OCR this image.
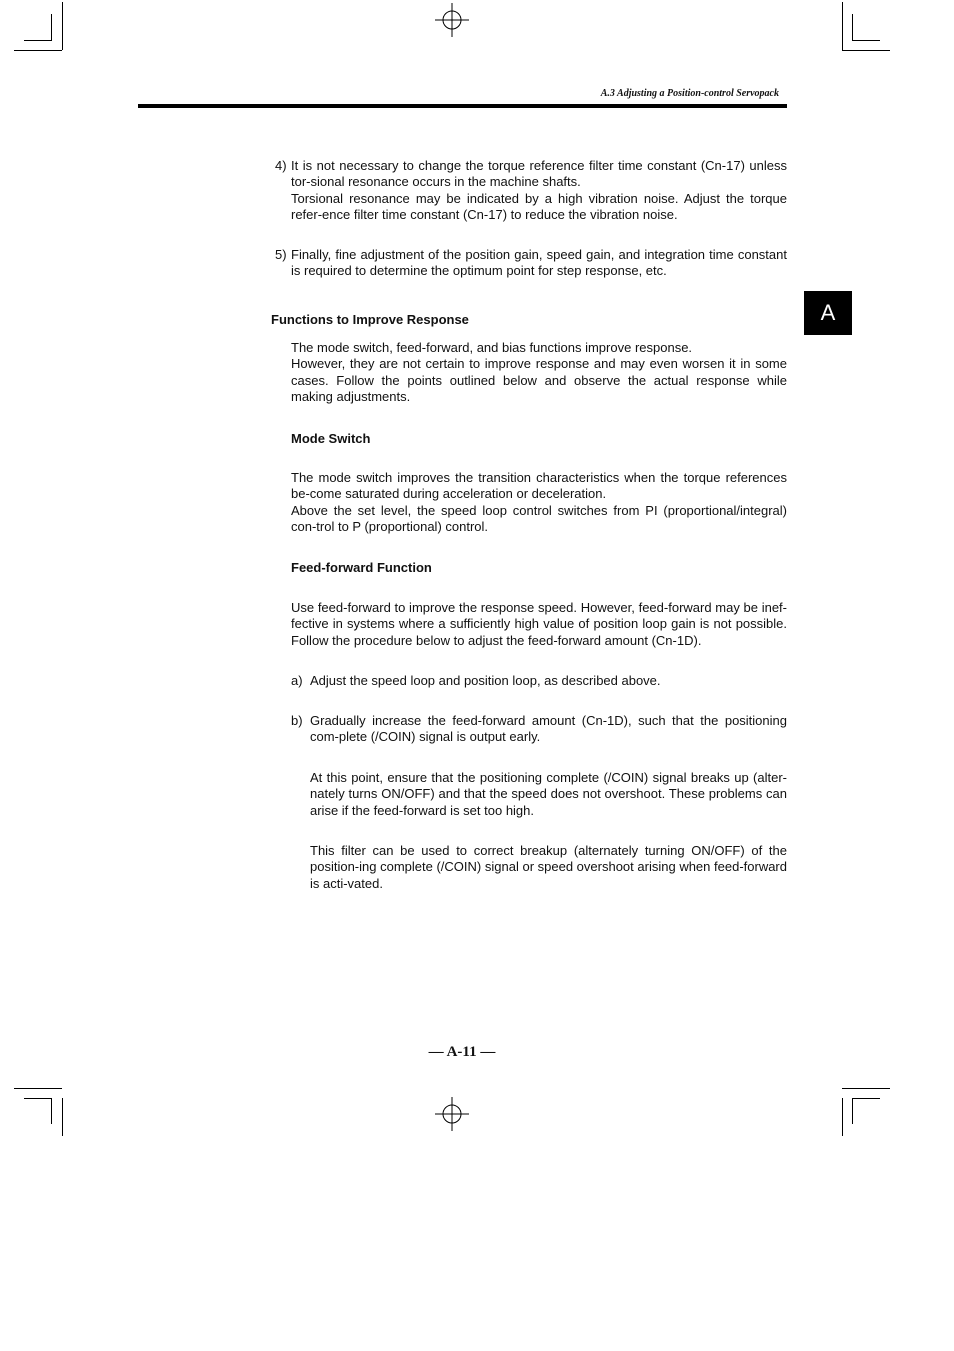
A.3 Adjusting a Position-control Servopack
A
4) It is not necessary to change the torque reference filter time constant (Cn-17) unless tor-sional resonance occurs in the machine shafts.

Torsional resonance may be indicated by a high vibration noise. Adjust the torque refer-ence filter time constant (Cn-17) to reduce the vibration noise.

5) Finally, fine adjustment of the position gain, speed gain, and integration time constant is required to determine the optimum point for step response, etc.

Functions to Improve Response

The mode switch, feed-forward, and bias functions improve response.

However, they are not certain to improve response and may even worsen it in some cases. Follow the points outlined below and observe the actual response while making adjustments.

Mode Switch

The mode switch improves the transition characteristics when the torque references be-come saturated during acceleration or deceleration.

Above the set level, the speed loop control switches from PI (proportional/integral) con-trol to P (proportional) control.

Feed-forward Function

Use feed-forward to improve the response speed. However, feed-forward may be inef-fective in systems where a sufficiently high value of position loop gain is not possible. Follow the procedure below to adjust the feed-forward amount (Cn-1D).

a) Adjust the speed loop and position loop, as described above.
b) Gradually increase the feed-forward amount (Cn-1D), such that the positioning com-plete (/COIN) signal is output early.
At this point, ensure that the positioning complete (/COIN) signal breaks up (alter-nately turns ON/OFF) and that the speed does not overshoot. These problems can arise if the feed-forward is set too high.
This filter can be used to correct breakup (alternately turning ON/OFF) of the position-ing complete (/COIN) signal or speed overshoot arising when feed-forward is acti-vated.
— A-11 —
